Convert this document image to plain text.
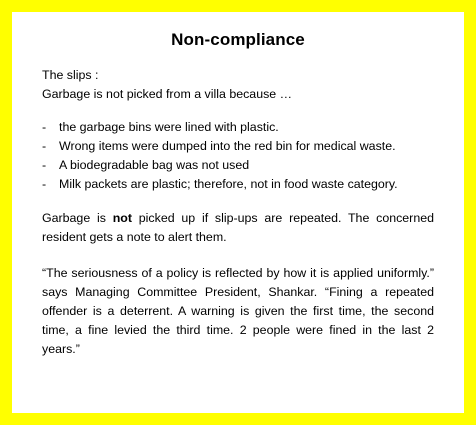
Non-compliance

The slips :

Garbage is not picked from a villa because …

- the garbage bins were lined with plastic.
- Wrong items were dumped into the red bin for medical waste.
- A biodegradable bag was not used
- Milk packets are plastic; therefore, not in food waste category.

Garbage is not picked up if slip-ups are repeated. The concerned resident gets a note to alert them.

“The seriousness of a policy is reflected by how it is applied uniformly.” says Managing Committee President, Shankar. “Fining a repeated offender is a deterrent. A warning is given the first time, the second time, a fine levied the third time. 2 people were fined in the last 2 years.”
